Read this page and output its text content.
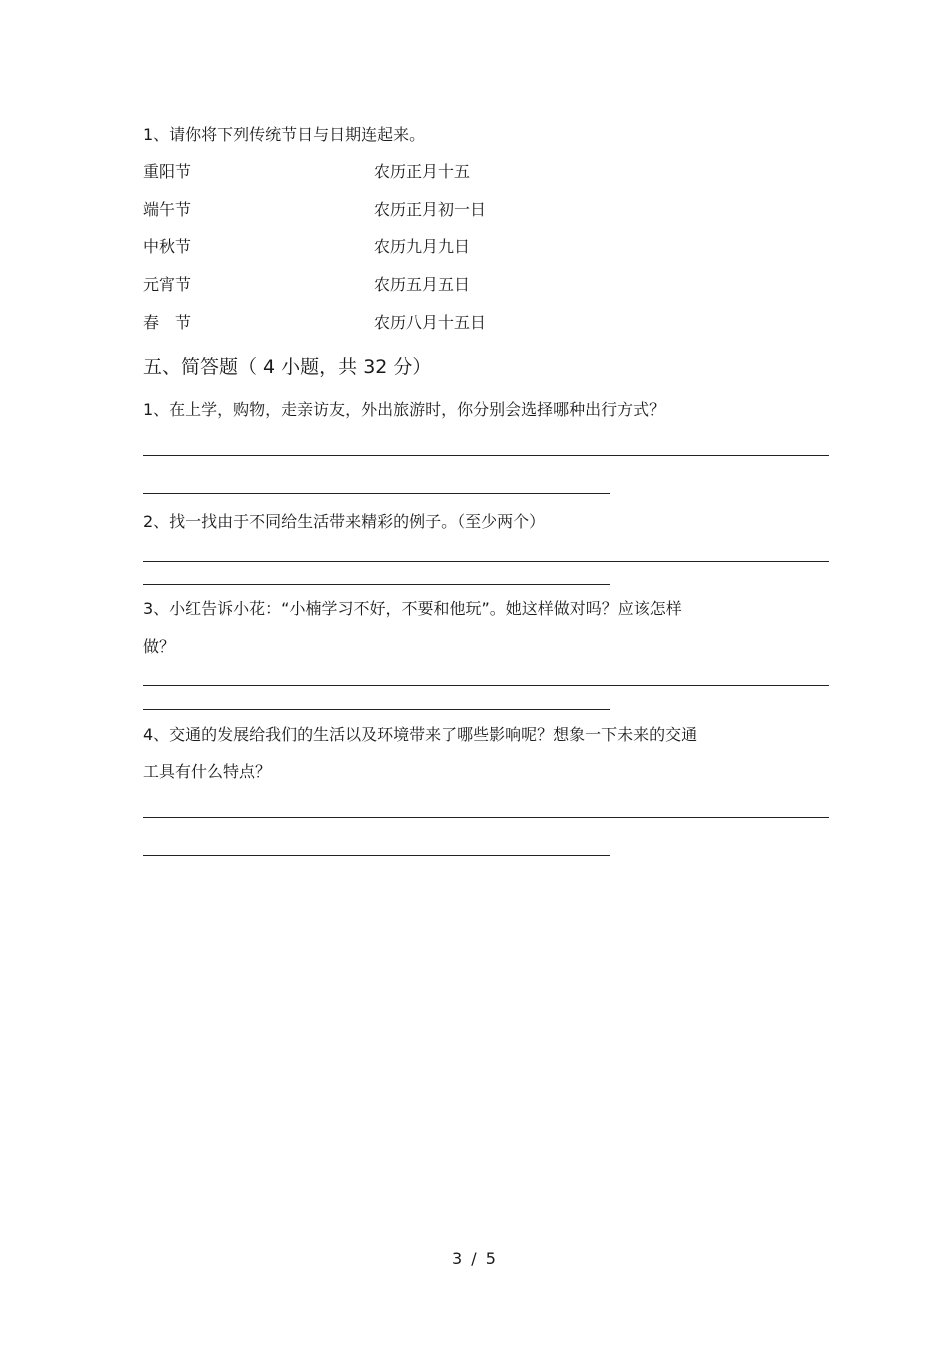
1、请你将下列传统节日与日期连起来。
重阳节	农历正月十五
端午节	农历正月初一日
中秋节	农历九月九日
元宵节	农历五月五日
春　节	农历八月十五日
五、简答题（ 4 小题，共 32 分）
1、在上学，购物，走亲访友，外出旅游时，你分别会选择哪种出行方式？
2、找一找由于不同给生活带来精彩的例子。（至少两个）
3、小红告诉小花：“小楠学习不好，不要和他玩”。她这样做对吗？应该怎样
做？
4、交通的发展给我们的生活以及环境带来了哪些影响呢？想象一下未来的交通
工具有什么特点？
3 / 5
